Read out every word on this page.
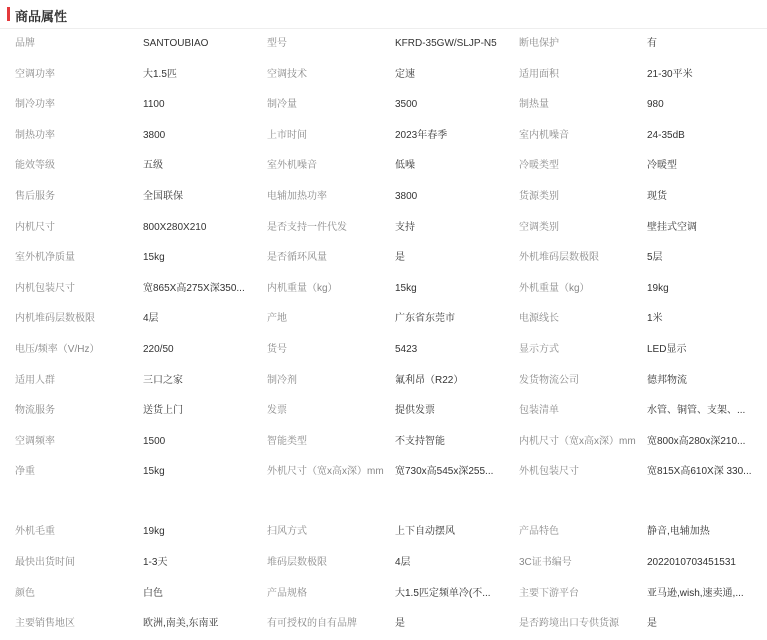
商品属性
品牌	SANTOUBIAO	型号	KFRD-35GW/SLJP-N5	断电保护	有
空调功率	大1.5匹	空调技术	定速	适用面积	21-30平米
制冷功率	1100	制冷量	3500	制热量	980
制热功率	3800	上市时间	2023年春季	室内机噪音	24-35dB
能效等级	五级	室外机噪音	低噪	冷暖类型	冷暖型
售后服务	全国联保	电辅加热功率	3800	货源类别	现货
内机尺寸	800X280X210	是否支持一件代发	支持	空调类别	壁挂式空调
室外机净质量	15kg	是否循环风量	是	外机堆码层数极限	5层
内机包装尺寸	宽865X高275X深350...	内机重量（kg）	15kg	外机重量（kg）	19kg
内机堆码层数极限	4层	产地	广东省东莞市	电源线长	1米
电压/频率（V/Hz）	220/50	货号	5423	显示方式	LED显示
适用人群	三口之家	制冷剂	氟利昂（R22）	发货物流公司	德邦物流
物流服务	送货上门	发票	提供发票	包装清单	水管、铜管、支架、...
空调频率	1500	智能类型	不支持智能	内机尺寸（宽x高x深）mm	宽800x高280x深210...
净重	15kg	外机尺寸（宽x高x深）mm	宽730x高545x深255...	外机包装尺寸	宽815X高610X深 330...
外机毛重	19kg	扫风方式	上下自动摆风	产品特色	静音,电辅加热
最快出货时间	1-3天	堆码层数极限	4层	3C证书编号	2022010703451531
颜色	白色	产品规格	大1.5匹定频单冷(不...	主要下游平台	亚马逊,wish,速卖通,...
主要销售地区	欧洲,南美,东南亚	有可授权的自有品牌	是	是否跨境出口专供货源	是
